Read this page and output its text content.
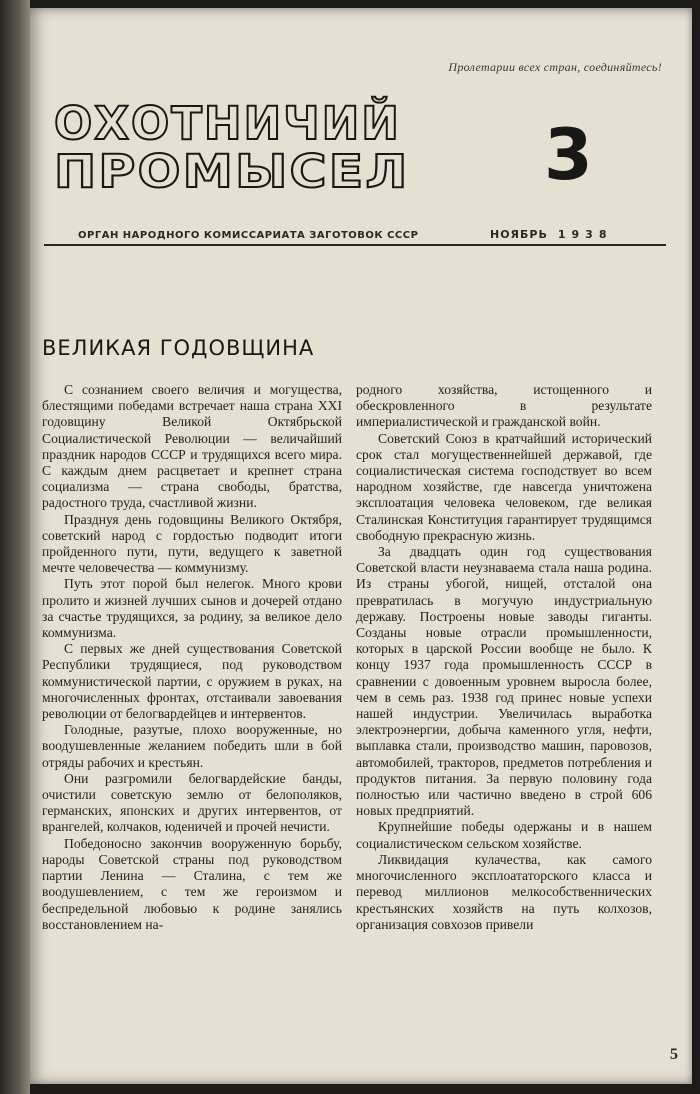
Пролетарии всех стран, соединяйтесь!
ОХОТНИЧИЙ
ПРОМЫСЕЛ	3
ОРГАН НАРОДНОГО КОМИССАРИАТА ЗАГОТОВОК СССР	НОЯБРЬ 1938
ВЕЛИКАЯ ГОДОВЩИНА

С сознанием своего величия и могущества, блестящими победами встречает наша страна XXI годовщину Великой Октябрьской Социалистической Революции — величайший праздник народов СССР и трудящихся всего мира. С каждым днем расцветает и крепнет страна социализма — страна свободы, братства, радостного труда, счастливой жизни.

Празднуя день годовщины Великого Октября, советский народ с гордостью подводит итоги пройденного пути, пути, ведущего к заветной мечте человечества — коммунизму.

Путь этот порой был нелегок. Много крови пролито и жизней лучших сынов и дочерей отдано за счастье трудящихся, за родину, за великое дело коммунизма.

С первых же дней существования Советской Республики трудящиеся, под руководством коммунистической партии, с оружием в руках, на многочисленных фронтах, отстаивали завоевания революции от белогвардейцев и интервентов.

Голодные, разутые, плохо вооруженные, но воодушевленные желанием победить шли в бой отряды рабочих и крестьян.

Они разгромили белогвардейские банды, очистили советскую землю от белополяков, германских, японских и других интервентов, от врангелей, колчаков, юденичей и прочей нечисти.

Победоносно закончив вооруженную борьбу, народы Советской страны под руководством партии Ленина — Сталина, с тем же воодушевлением, с тем же героизмом и беспредельной любовью к родине занялись восстановлением на-

родного хозяйства, истощенного и обескровленного в результате империалистической и гражданской войн.

Советский Союз в кратчайший исторический срок стал могущественнейшей державой, где социалистическая система господствует во всем народном хозяйстве, где навсегда уничтожена эксплоатация человека человеком, где великая Сталинская Конституция гарантирует трудящимся свободную прекрасную жизнь.

За двадцать один год существования Советской власти неузнаваема стала наша родина. Из страны убогой, нищей, отсталой она превратилась в могучую индустриальную державу. Построены новые заводы гиганты. Созданы новые отрасли промышленности, которых в царской России вообще не было. К концу 1937 года промышленность СССР в сравнении с довоенным уровнем выросла более, чем в семь раз. 1938 год принес новые успехи нашей индустрии. Увеличилась выработка электроэнергии, добыча каменного угля, нефти, выплавка стали, производство машин, паровозов, автомобилей, тракторов, предметов потребления и продуктов питания. За первую половину года полностью или частично введено в строй 606 новых предприятий.

Крупнейшие победы одержаны и в нашем социалистическом сельском хозяйстве.

Ликвидация кулачества, как самого многочисленного эксплоататорского класса и перевод миллионов мелкособственнических крестьянских хозяйств на путь колхозов, организация совхозов привели

5
